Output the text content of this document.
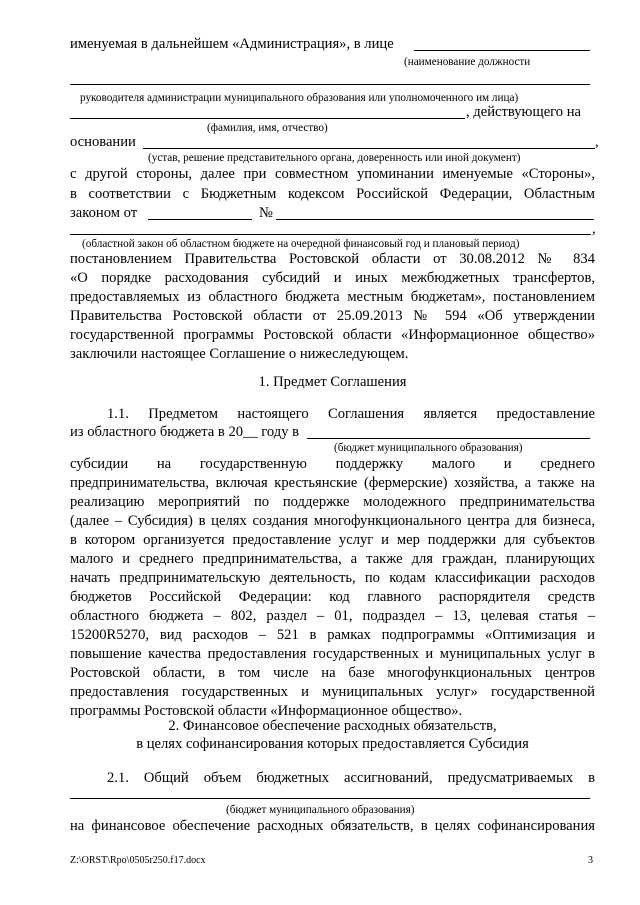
именуемая в дальнейшем «Администрация», в лице
(наименование должности
руководителя администрации муниципального образования или уполномоченного им лица)
, действующего на
(фамилия, имя, отчество)
основании	,
(устав, решение представительного органа, доверенность или иной документ)
с другой стороны, далее при совместном упоминании именуемые «Стороны»,
в соответствии с Бюджетным кодексом Российской Федерации, Областным
законом от	№
,
(областной закон об областном бюджете на очередной финансовый год и плановый период)
постановлением Правительства Ростовской области от 30.08.2012 № 834
«О порядке расходования субсидий и иных межбюджетных трансфертов,
предоставляемых из областного бюджета местным бюджетам», постановлением
Правительства Ростовской области от 25.09.2013 № 594 «Об утверждении
государственной программы Ростовской области «Информационное общество»
заключили настоящее Соглашение о нижеследующем.
1. Предмет Соглашения
1.1. Предметом настоящего Соглашения является предоставление
из областного бюджета в 20__ году в
(бюджет муниципального образования)
субсидии на государственную поддержку малого и среднего
предпринимательства, включая крестьянские (фермерские) хозяйства, а также на
реализацию мероприятий по поддержке молодежного предпринимательства
(далее – Субсидия) в целях создания многофункционального центра для бизнеса,
в котором организуется предоставление услуг и мер поддержки для субъектов
малого и среднего предпринимательства, а также для граждан, планирующих
начать предпринимательскую деятельность, по кодам классификации расходов
бюджетов Российской Федерации: код главного распорядителя средств
областного бюджета – 802, раздел – 01, подраздел – 13, целевая статья –
15200R5270, вид расходов – 521 в рамках подпрограммы «Оптимизация и
повышение качества предоставления государственных и муниципальных услуг в
Ростовской области, в том числе на базе многофункциональных центров
предоставления государственных и муниципальных услуг» государственной
программы Ростовской области «Информационное общество».
2. Финансовое обеспечение расходных обязательств,
в целях софинансирования которых предоставляется Субсидия
2.1. Общий объем бюджетных ассигнований, предусматриваемых в
(бюджет муниципального образования)
на финансовое обеспечение расходных обязательств, в целях софинансирования
Z:\ORST\Rpo\0505r250.f17.docx	3
